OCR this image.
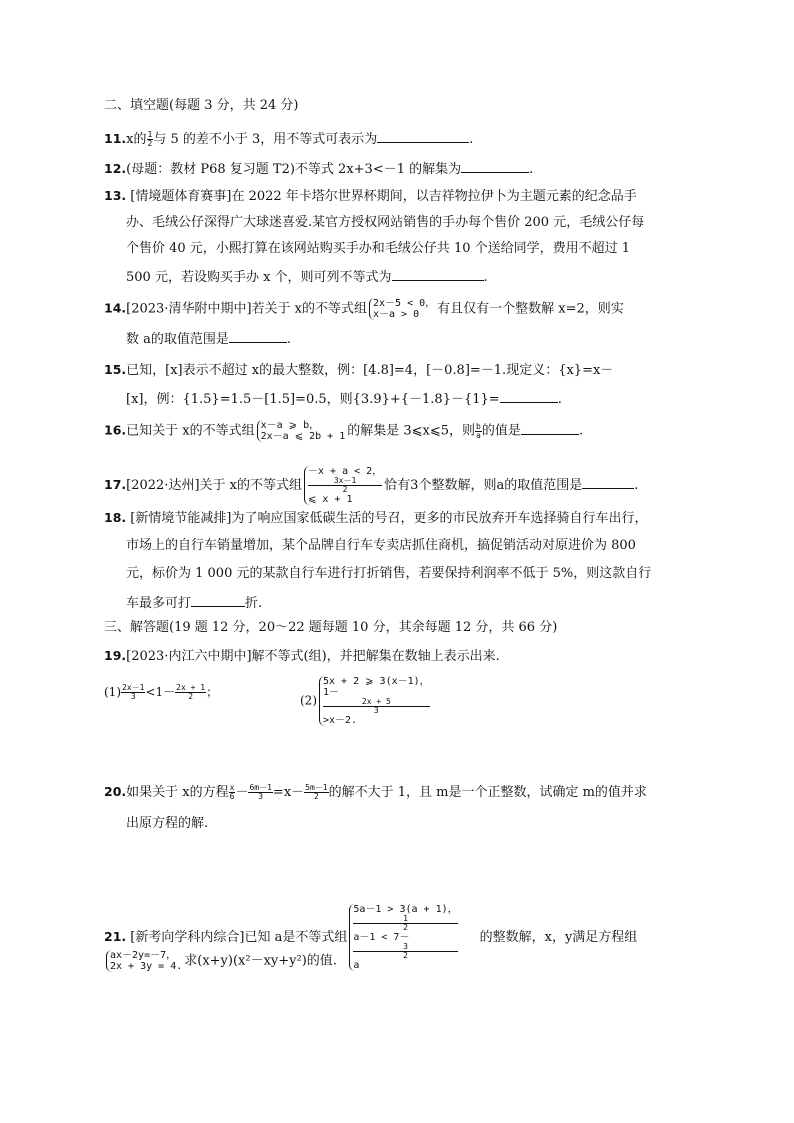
二、填空题(每题 3 分，共 24 分)
11.x的 $\frac{1}{2}$ 与 5 的差不小于 3，用不等式可表示为	.
12.(母题：教材 P68 复习题 T2)不等式 2x+3<－1 的解集为	.
13. [情境题体育赛事]在 2022 年卡塔尔世界杯期间，以吉祥物拉伊卜为主题元素的纪念品手
办、毛绒公仔深得广大球迷喜爱.某官方授权网站销售的手办每个售价 200 元，毛绒公仔每
个售价 40 元，小熙打算在该网站购买手办和毛绒公仔共 10 个送给同学，费用不超过 1
500 元，若设购买手办 x 个，则可列不等式为	.
14.[2023·清华附中期中]若关于 x的不等式组 2x－5 < 0，
x－a > 0	有且仅有一个整数解 x=2，则实
数 a的取值范围是	.
15.已知，[x]表示不超过 x的最大整数，例：[4.8]=4，[－0.8]=－1.现定义：{x}=x－
[x]，例：{1.5}=1.5－[1.5]=0.5，则{3.9}+{－1.8}－{1}=	.
16.已知关于 x的不等式组 x－a ⩾ b，
2x－a ⩽ 2b + 1 的解集是 3⩽x⩽5，则 $\frac{b}{a}$ 的值是	.
17.[2022·达州]关于 x的不等式组
－x + a < 2，
3x－1
2
⩽ x + 1
恰有3个整数解，则a的取值范围是	.
18. [新情境节能减排]为了响应国家低碳生活的号召，更多的市民放弃开车选择骑自行车出行，
市场上的自行车销量增加，某个品牌自行车专卖店抓住商机，搞促销活动对原进价为 800
元，标价为 1 000 元的某款自行车进行打折销售，若要保持利润率不低于 5%，则这款自行
车最多可打	折.
三、解答题(19 题 12 分，20～22 题每题 10 分，其余每题 12 分，共 66 分)
19.[2023·内江六中期中]解不等式(组)，并把解集在数轴上表示出来.
$(1) \frac{2x-1}{3} <1- \frac{2x + 1}{2}$ ；
(2)
5x + 2 ⩾ 3(x－1)，
1－
2x + 5
3
>x－2.
20.如果关于 x的方程 $\frac{x}{6} - \frac{6m-1}{3} =x- \frac{5m-1}{2}$ 的解不大于 1，且 m是一个正整数，试确定 m的值并求
出原方程的解.
21. [新考向学科内综合]已知 a是不等式组
5a－1 > 3(a + 1)，
1
2
a－1 < 7－
3
2
a
的整数解，x，y满足方程组
ax－2y=－7，
2x + 3y = 4. 求(x+y)(x²－xy+y²)的值.
